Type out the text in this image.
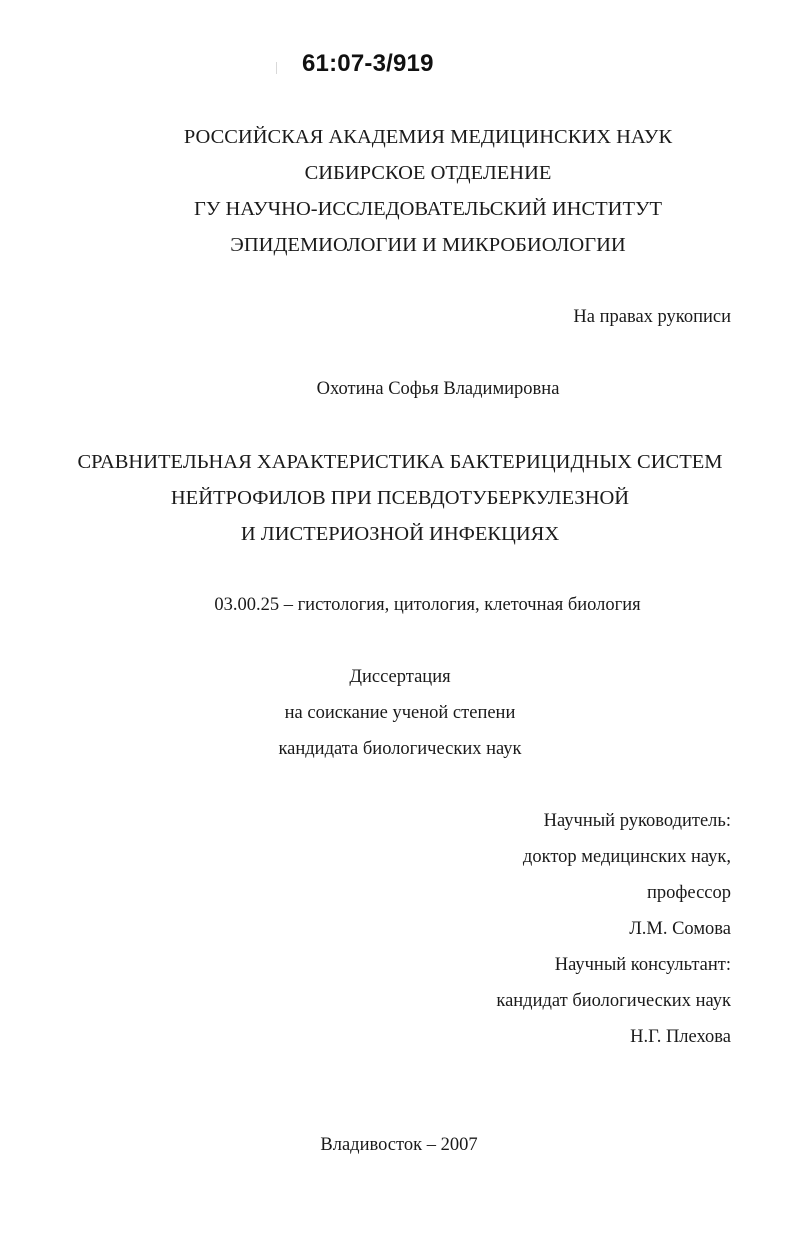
61:07-3/919
РОССИЙСКАЯ АКАДЕМИЯ МЕДИЦИНСКИХ НАУК
СИБИРСКОЕ ОТДЕЛЕНИЕ
ГУ НАУЧНО-ИССЛЕДОВАТЕЛЬСКИЙ ИНСТИТУТ
ЭПИДЕМИОЛОГИИ И МИКРОБИОЛОГИИ
На правах рукописи
Охотина Софья Владимировна
СРАВНИТЕЛЬНАЯ ХАРАКТЕРИСТИКА БАКТЕРИЦИДНЫХ СИСТЕМ
НЕЙТРОФИЛОВ ПРИ ПСЕВДОТУБЕРКУЛЕЗНОЙ
И ЛИСТЕРИОЗНОЙ ИНФЕКЦИЯХ
03.00.25 – гистология, цитология, клеточная биология
Диссертация
на соискание ученой степени
кандидата биологических наук
Научный руководитель:
доктор медицинских наук,
профессор
Л.М. Сомова
Научный консультант:
кандидат биологических наук
Н.Г. Плехова
Владивосток – 2007
